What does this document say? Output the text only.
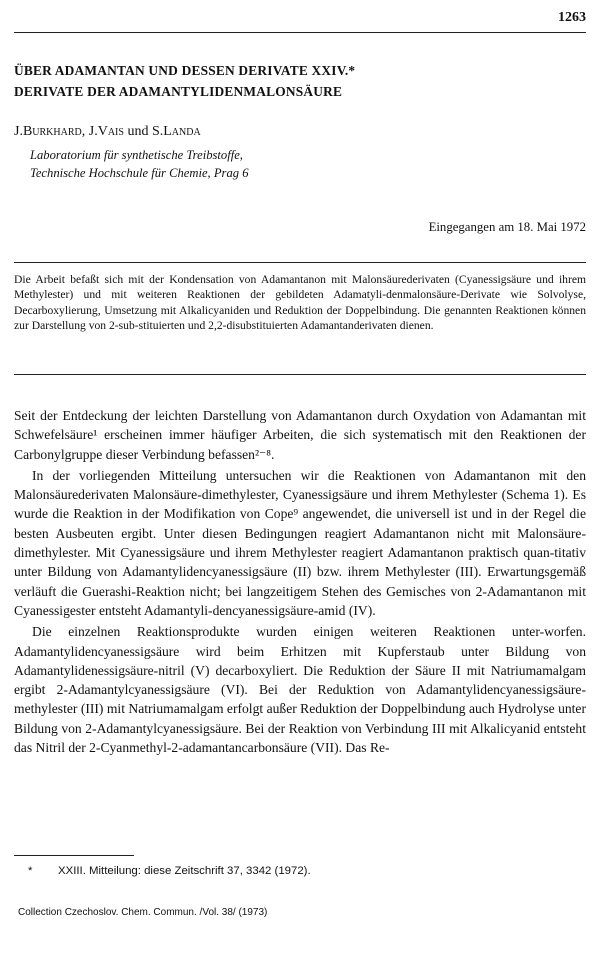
1263
ÜBER ADAMANTAN UND DESSEN DERIVATE XXIV.*
DERIVATE DER ADAMANTYLIDENMALONSÄURE
J.Burkhard, J.Vais und S.Landa
Laboratorium für synthetische Treibstoffe,
Technische Hochschule für Chemie, Prag 6
Eingegangen am 18. Mai 1972

Die Arbeit befaßt sich mit der Kondensation von Adamantanon mit Malonsäurederivaten (Cyanessigsäure und ihrem Methylester) und mit weiteren Reaktionen der gebildeten Adamatyli-denmalonsäure-Derivate wie Solvolyse, Decarboxylierung, Umsetzung mit Alkalicyaniden und Reduktion der Doppelbindung. Die genannten Reaktionen können zur Darstellung von 2-sub-stituierten und 2,2-disubstituierten Adamantanderivaten dienen.

Seit der Entdeckung der leichten Darstellung von Adamantanon durch Oxydation von Adamantan mit Schwefelsäure¹ erscheinen immer häufiger Arbeiten, die sich systematisch mit den Reaktionen der Carbonylgruppe dieser Verbindung befassen²⁻⁸.

In der vorliegenden Mitteilung untersuchen wir die Reaktionen von Adamantanon mit den Malonsäurederivaten Malonsäure-dimethylester, Cyanessigsäure und ihrem Methylester (Schema 1). Es wurde die Reaktion in der Modifikation von Cope⁹ angewendet, die universell ist und in der Regel die besten Ausbeuten ergibt. Unter diesen Bedingungen reagiert Adamantanon nicht mit Malonsäure-dimethylester. Mit Cyanessigsäure und ihrem Methylester reagiert Adamantanon praktisch quan-titativ unter Bildung von Adamantylidencyanessigsäure (II) bzw. ihrem Methylester (III). Erwartungsgemäß verläuft die Guerashi-Reaktion nicht; bei langzeitigem Stehen des Gemisches von 2-Adamantanon mit Cyanessigester entsteht Adamantyli-dencyanessigsäure-amid (IV).

Die einzelnen Reaktionsprodukte wurden einigen weiteren Reaktionen unter-worfen. Adamantylidencyanessigsäure wird beim Erhitzen mit Kupferstaub unter Bildung von Adamantylidenessigsäure-nitril (V) decarboxyliert. Die Reduktion der Säure II mit Natriumamalgam ergibt 2-Adamantylcyanessigsäure (VI). Bei der Reduktion von Adamantylidencyanessigsäure-methylester (III) mit Natriumamalgam erfolgt außer Reduktion der Doppelbindung auch Hydrolyse unter Bildung von 2-Adamantylcyanessigsäure. Bei der Reaktion von Verbindung III mit Alkalicyanid entsteht das Nitril der 2-Cyanmethyl-2-adamantancarbonsäure (VII). Das Re-

* XXIII. Mitteilung: diese Zeitschrift 37, 3342 (1972).
Collection Czechoslov. Chem. Commun. /Vol. 38/ (1973)
